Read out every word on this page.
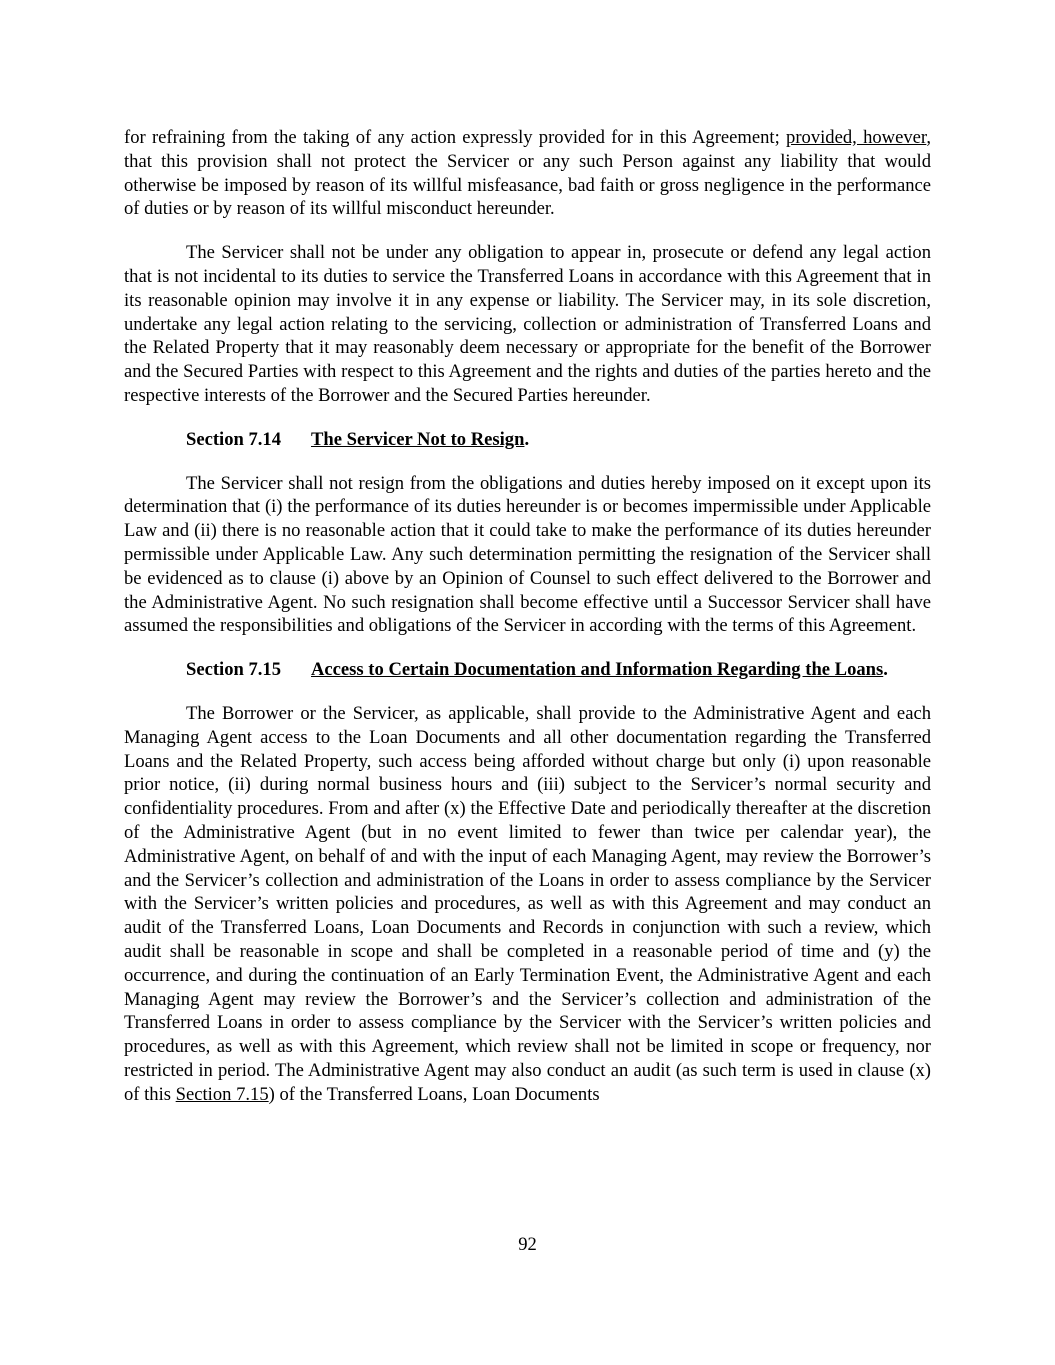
for refraining from the taking of any action expressly provided for in this Agreement; provided, however, that this provision shall not protect the Servicer or any such Person against any liability that would otherwise be imposed by reason of its willful misfeasance, bad faith or gross negligence in the performance of duties or by reason of its willful misconduct hereunder.

The Servicer shall not be under any obligation to appear in, prosecute or defend any legal action that is not incidental to its duties to service the Transferred Loans in accordance with this Agreement that in its reasonable opinion may involve it in any expense or liability. The Servicer may, in its sole discretion, undertake any legal action relating to the servicing, collection or administration of Transferred Loans and the Related Property that it may reasonably deem necessary or appropriate for the benefit of the Borrower and the Secured Parties with respect to this Agreement and the rights and duties of the parties hereto and the respective interests of the Borrower and the Secured Parties hereunder.

Section 7.14 The Servicer Not to Resign.

The Servicer shall not resign from the obligations and duties hereby imposed on it except upon its determination that (i) the performance of its duties hereunder is or becomes impermissible under Applicable Law and (ii) there is no reasonable action that it could take to make the performance of its duties hereunder permissible under Applicable Law. Any such determination permitting the resignation of the Servicer shall be evidenced as to clause (i) above by an Opinion of Counsel to such effect delivered to the Borrower and the Administrative Agent. No such resignation shall become effective until a Successor Servicer shall have assumed the responsibilities and obligations of the Servicer in according with the terms of this Agreement.

Section 7.15 Access to Certain Documentation and Information Regarding the Loans.

The Borrower or the Servicer, as applicable, shall provide to the Administrative Agent and each Managing Agent access to the Loan Documents and all other documentation regarding the Transferred Loans and the Related Property, such access being afforded without charge but only (i) upon reasonable prior notice, (ii) during normal business hours and (iii) subject to the Servicer’s normal security and confidentiality procedures. From and after (x) the Effective Date and periodically thereafter at the discretion of the Administrative Agent (but in no event limited to fewer than twice per calendar year), the Administrative Agent, on behalf of and with the input of each Managing Agent, may review the Borrower’s and the Servicer’s collection and administration of the Loans in order to assess compliance by the Servicer with the Servicer’s written policies and procedures, as well as with this Agreement and may conduct an audit of the Transferred Loans, Loan Documents and Records in conjunction with such a review, which audit shall be reasonable in scope and shall be completed in a reasonable period of time and (y) the occurrence, and during the continuation of an Early Termination Event, the Administrative Agent and each Managing Agent may review the Borrower’s and the Servicer’s collection and administration of the Transferred Loans in order to assess compliance by the Servicer with the Servicer’s written policies and procedures, as well as with this Agreement, which review shall not be limited in scope or frequency, nor restricted in period. The Administrative Agent may also conduct an audit (as such term is used in clause (x) of this Section 7.15) of the Transferred Loans, Loan Documents

92
